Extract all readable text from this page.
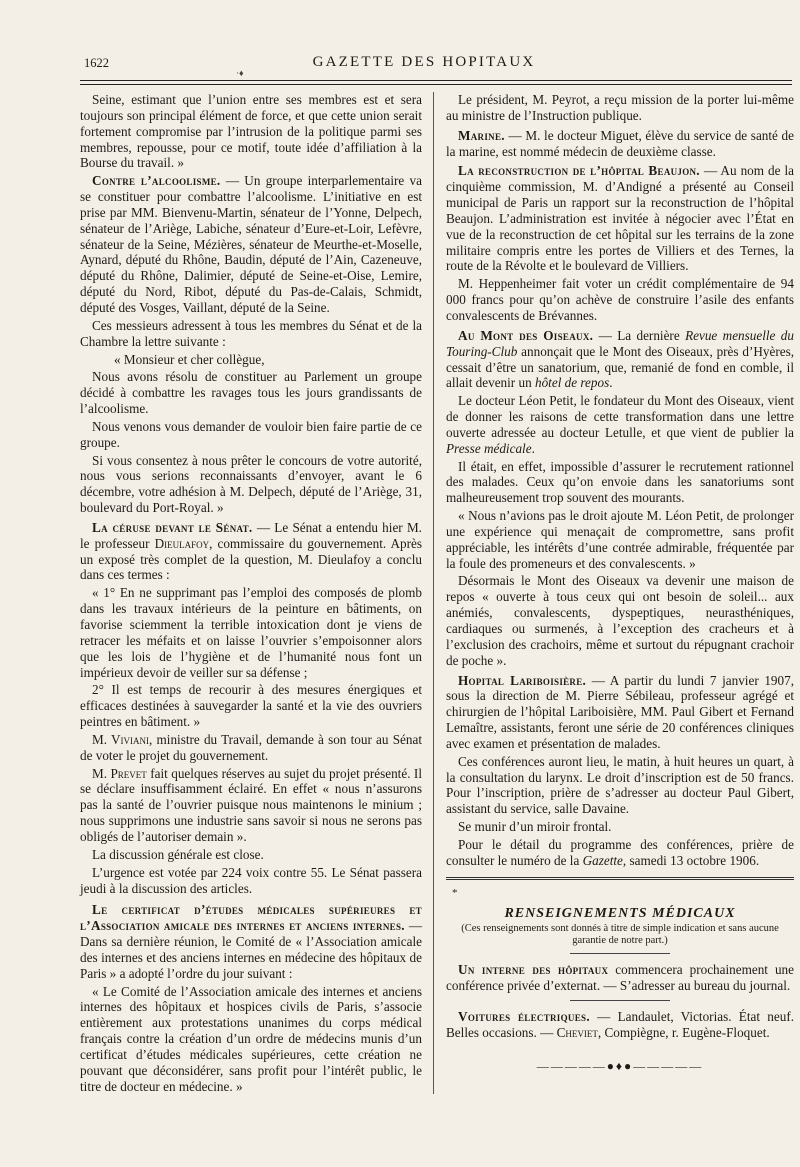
1622	GAZETTE DES HOPITAUX
·♦

Seine, estimant que l’union entre ses membres est et sera toujours son principal élément de force, et que cette union serait fortement compromise par l’intrusion de la politique parmi ses membres, repousse, pour ce motif, toute idée d’affiliation à la Bourse du travail. »

Contre l’alcoolisme. — Un groupe interparlementaire va se constituer pour combattre l’alcoolisme. L’initiative en est prise par MM. Bienvenu-Martin, sénateur de l’Yonne, Delpech, sénateur de l’Ariège, Labiche, sénateur d’Eure-et-Loir, Lefèvre, sénateur de la Seine, Mézières, sénateur de Meurthe-et-Moselle, Aynard, député du Rhône, Baudin, député de l’Ain, Cazeneuve, député du Rhône, Dalimier, député de Seine-et-Oise, Lemire, député du Nord, Ribot, député du Pas-de-Calais, Schmidt, député des Vosges, Vaillant, député de la Seine.

Ces messieurs adressent à tous les membres du Sénat et de la Chambre la lettre suivante :

« Monsieur et cher collègue,

Nous avons résolu de constituer au Parlement un groupe décidé à combattre les ravages tous les jours grandissants de l’alcoolisme.

Nous venons vous demander de vouloir bien faire partie de ce groupe.

Si vous consentez à nous prêter le concours de votre autorité, nous vous serions reconnaissants d’envoyer, avant le 6 décembre, votre adhésion à M. Delpech, député de l’Ariège, 31, boulevard du Port-Royal. »

La céruse devant le Sénat. — Le Sénat a entendu hier M. le professeur Dieulafoy, commissaire du gouvernement. Après un exposé très complet de la question, M. Dieulafoy a conclu dans ces termes :

« 1° En ne supprimant pas l’emploi des composés de plomb dans les travaux intérieurs de la peinture en bâtiments, on favorise sciemment la terrible intoxication dont je viens de retracer les méfaits et on laisse l’ouvrier s’empoisonner alors que les lois de l’hygiène et de l’humanité nous font un impérieux devoir de veiller sur sa défense ;

2° Il est temps de recourir à des mesures énergiques et efficaces destinées à sauvegarder la santé et la vie des ouvriers peintres en bâtiment. »

M. Viviani, ministre du Travail, demande à son tour au Sénat de voter le projet du gouvernement.

M. Prevet fait quelques réserves au sujet du projet présenté. Il se déclare insuffisamment éclairé. En effet « nous n’assurons pas la santé de l’ouvrier puisque nous maintenons le minium ; nous supprimons une industrie sans savoir si nous ne serons pas obligés de l’autoriser demain ».

La discussion générale est close.

L’urgence est votée par 224 voix contre 55. Le Sénat passera jeudi à la discussion des articles.

Le certificat d’études médicales supérieures et l’Association amicale des internes et anciens internes. — Dans sa dernière réunion, le Comité de « l’Association amicale des internes et des anciens internes en médecine des hôpitaux de Paris » a adopté l’ordre du jour suivant :

« Le Comité de l’Association amicale des internes et anciens internes des hôpitaux et hospices civils de Paris, s’associe entièrement aux protestations unanimes du corps médical français contre la création d’un ordre de médecins munis d’un certificat d’études médicales supérieures, cette création ne pouvant que déconsidérer, sans profit pour l’intérêt public, le titre de docteur en médecine. »

Le président, M. Peyrot, a reçu mission de la porter lui-même au ministre de l’Instruction publique.

Marine. — M. le docteur Miguet, élève du service de santé de la marine, est nommé médecin de deuxième classe.

La reconstruction de l’hôpital Beaujon. — Au nom de la cinquième commission, M. d’Andigné a présenté au Conseil municipal de Paris un rapport sur la reconstruction de l’hôpital Beaujon. L’administration est invitée à négocier avec l’État en vue de la reconstruction de cet hôpital sur les terrains de la zone militaire compris entre les portes de Villiers et des Ternes, la route de la Révolte et le boulevard de Villiers.

M. Heppenheimer fait voter un crédit complémentaire de 94 000 francs pour qu’on achève de construire l’asile des enfants convalescents de Brévannes.

Au Mont des Oiseaux. — La dernière Revue mensuelle du Touring-Club annonçait que le Mont des Oiseaux, près d’Hyères, cessait d’être un sanatorium, que, remanié de fond en comble, il allait devenir un hôtel de repos.

Le docteur Léon Petit, le fondateur du Mont des Oiseaux, vient de donner les raisons de cette transformation dans une lettre ouverte adressée au docteur Letulle, et que vient de publier la Presse médicale.

Il était, en effet, impossible d’assurer le recrutement rationnel des malades. Ceux qu’on envoie dans les sanatoriums sont malheureusement trop souvent des mourants.

« Nous n’avions pas le droit ajoute M. Léon Petit, de prolonger une expérience qui menaçait de compromettre, sans profit appréciable, les intérêts d’une contrée admirable, fréquentée par la foule des promeneurs et des convalescents. »

Désormais le Mont des Oiseaux va devenir une maison de repos « ouverte à tous ceux qui ont besoin de soleil... aux anémiés, convalescents, dyspeptiques, neurasthéniques, cardiaques ou surmenés, à l’exception des cracheurs et à l’exclusion des crachoirs, même et surtout du répugnant crachoir de poche ».

Hopital Lariboisière. — A partir du lundi 7 janvier 1907, sous la direction de M. Pierre Sébileau, professeur agrégé et chirurgien de l’hôpital Lariboisière, MM. Paul Gibert et Fernand Lemaître, assistants, feront une série de 20 conférences cliniques avec examen et présentation de malades.

Ces conférences auront lieu, le matin, à huit heures un quart, à la consultation du larynx. Le droit d’inscription est de 50 francs. Pour l’inscription, prière de s’adresser au docteur Paul Gibert, assistant du service, salle Davaine.

Se munir d’un miroir frontal.

Pour le détail du programme des conférences, prière de consulter le numéro de la Gazette, samedi 13 octobre 1906.

*
RENSEIGNEMENTS MÉDICAUX
(Ces renseignements sont donnés à titre de simple indication et sans aucune garantie de notre part.)

Un interne des hôpitaux commencera prochainement une conférence privée d’externat. — S’adresser au bureau du journal.

Voitures électriques. — Landaulet, Victorias. État neuf. Belles occasions. — Cheviet, Compiègne, r. Eugène-Floquet.

—————●♦●—————
